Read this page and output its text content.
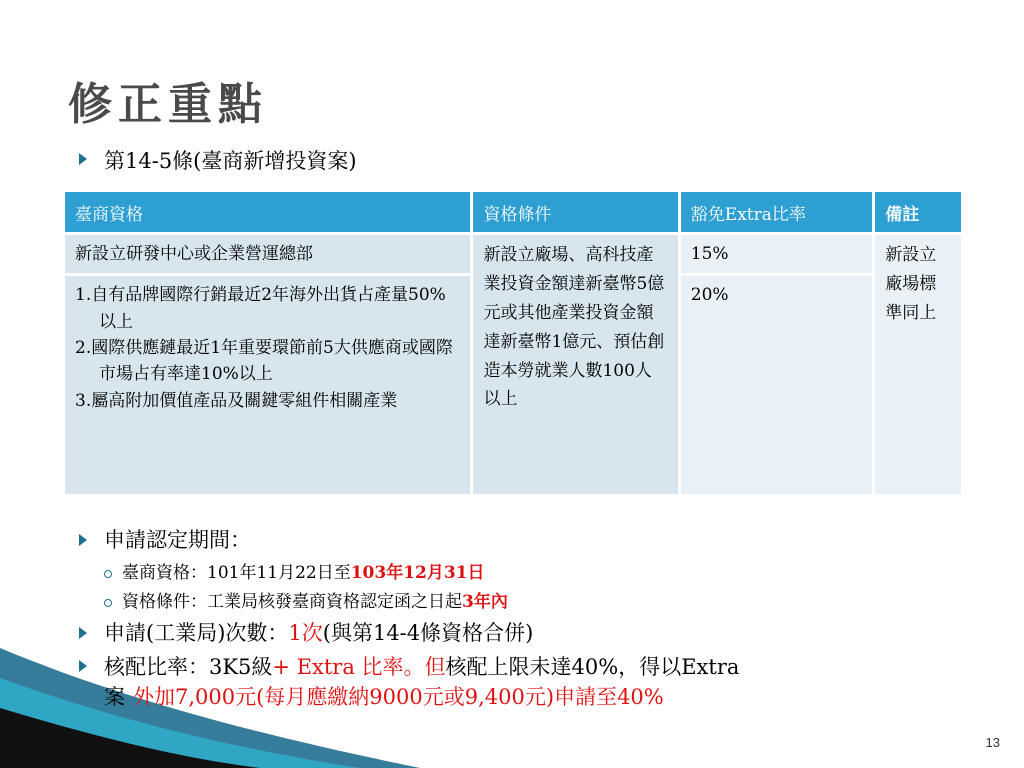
修正重點
第14-5條(臺商新增投資案)
臺商資格	資格條件	豁免Extra比率	備註
新設立研發中心或企業營運總部	新設立廠場、高科技產業投資金額達新臺幣5億元或其他產業投資金額達新臺幣1億元、預估創造本勞就業人數100人以上	15%	新設立廠場標準同上

1.自有品牌國際行銷最近2年海外出貨占產量50%以上
2.國際供應鏈最近1年重要環節前5大供應商或國際市場占有率達10%以上
3.屬高附加價值產品及關鍵零組件相關產業		20%	
申請認定期間：
臺商資格：101年11月22日至103年12月31日
資格條件：工業局核發臺商資格認定函之日起3年內
申請(工業局)次數：1次(與第14-4條資格合併)
核配比率：3K5級+ Extra 比率。但核配上限未達40%，得以Extra
案 外加7,000元(每月應繳納9000元或9,400元)申請至40%
13
